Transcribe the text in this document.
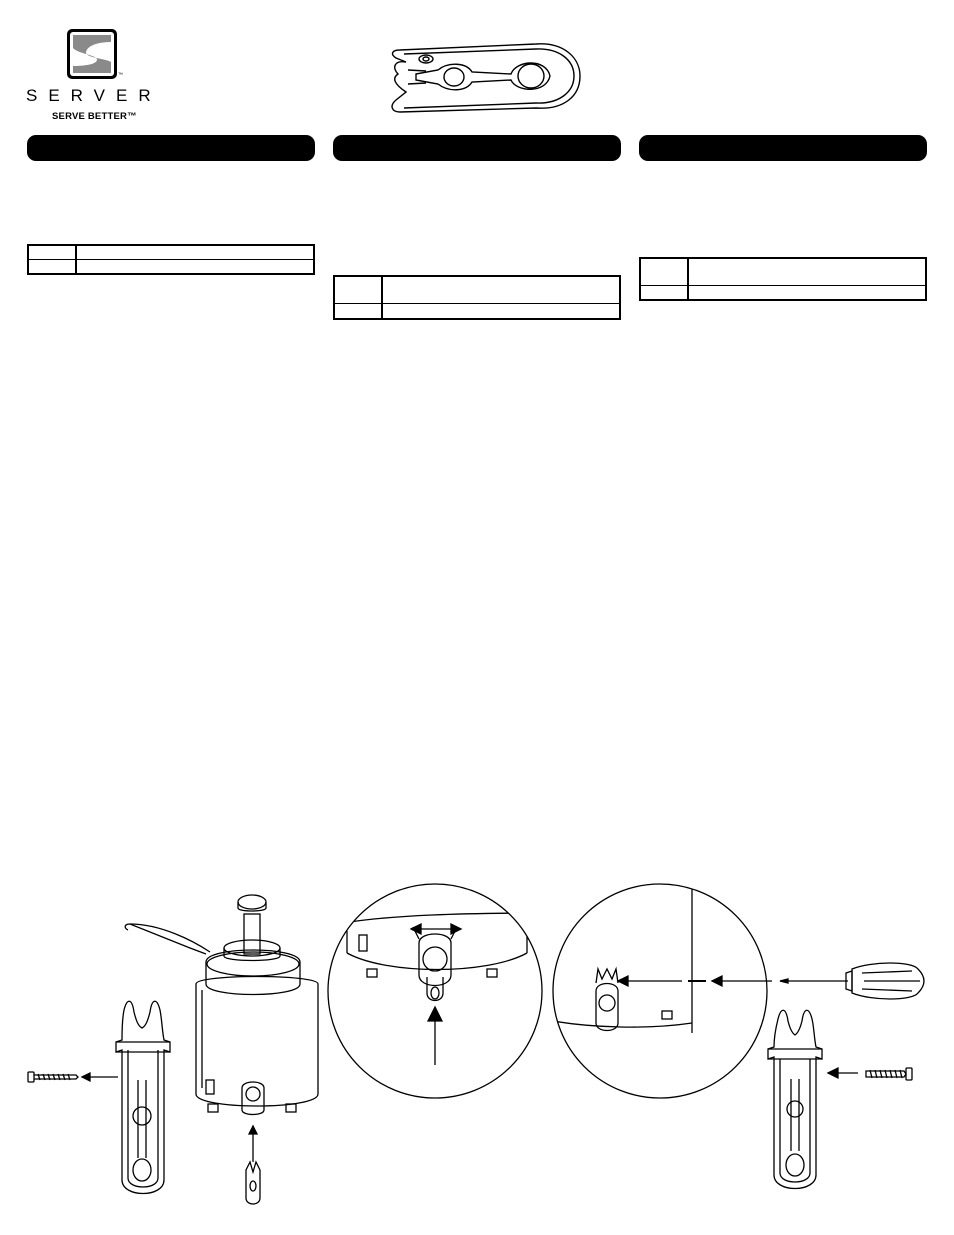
™
SERVER
SERVE BETTER™
